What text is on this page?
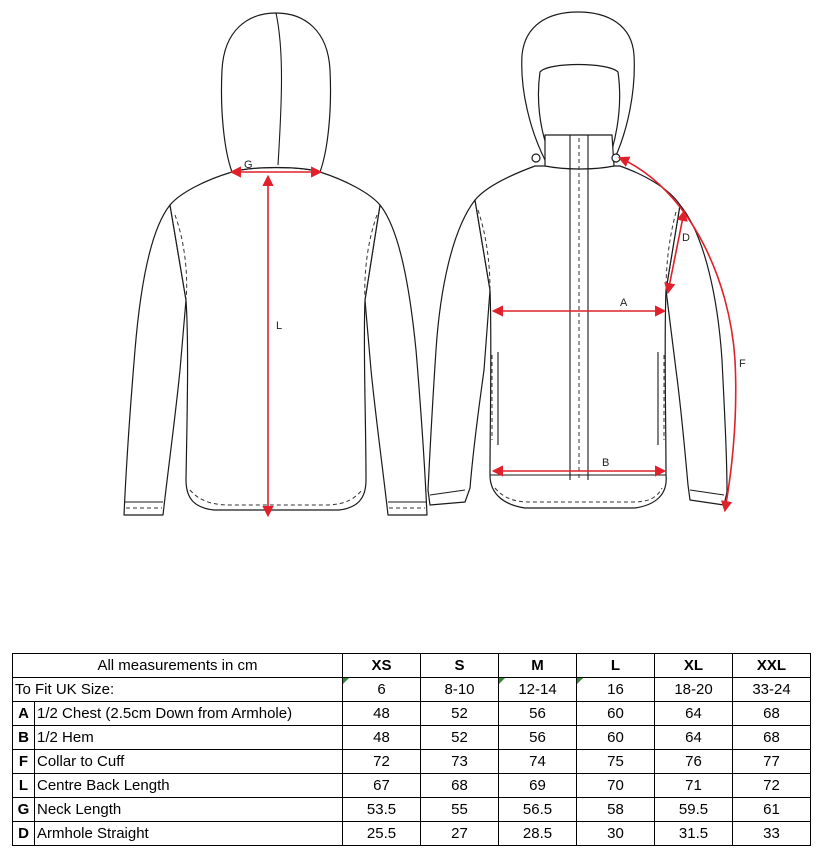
G
L
A
B
D
F
All measurements in cm		XS	S	M	L	XL	XXL
To Fit UK Size:		6	8-10	12-14	16	18-20	33-24
A	1/2 Chest (2.5cm Down from Armhole)	48	52	56	60	64	68
B	1/2 Hem	48	52	56	60	64	68
F	Collar to Cuff	72	73	74	75	76	77
L	Centre Back Length	67	68	69	70	71	72
G	Neck Length	53.5	55	56.5	58	59.5	61
D	Armhole Straight	25.5	27	28.5	30	31.5	33
